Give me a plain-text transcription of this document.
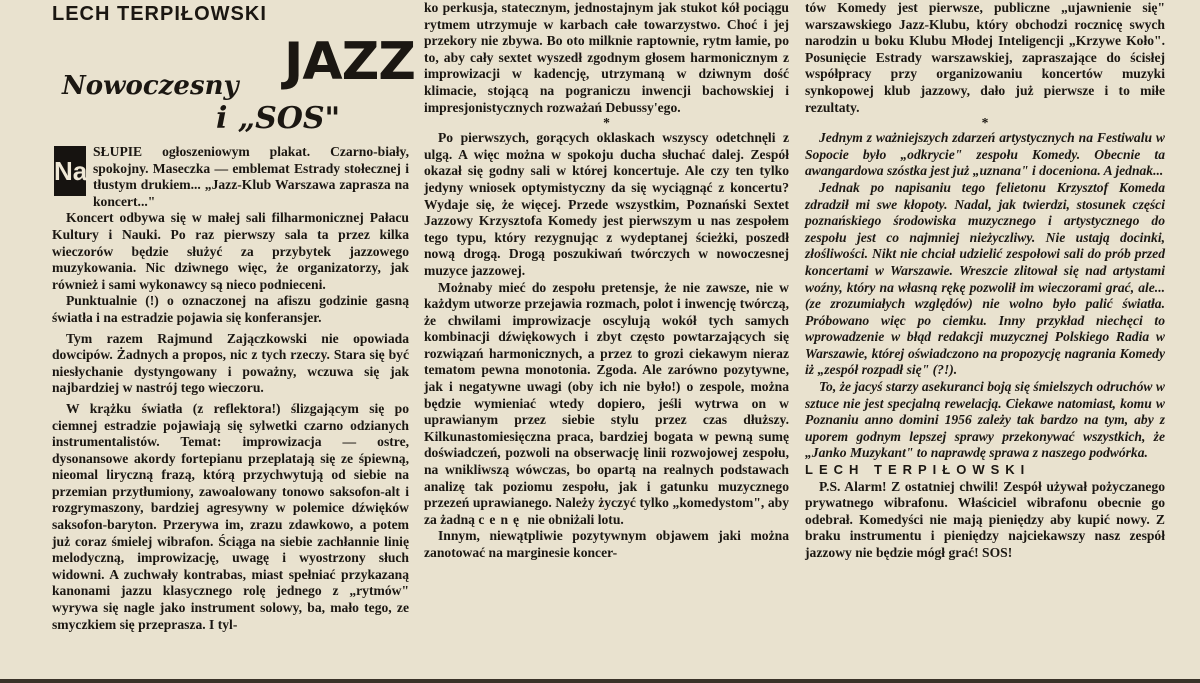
LECH TERPIŁOWSKI
Nowoczesny JAZZ
i „SOS"
Na

SŁUPIE ogłoszeniowym plakat. Czarno-biały, spokojny. Maseczka — emblemat Estrady stołecznej i tłustym drukiem... „Jazz-Klub Warszawa zaprasza na koncert..."

Koncert odbywa się w małej sali filharmonicznej Pałacu Kultury i Nauki. Po raz pierwszy sala ta przez kilka wieczorów będzie służyć za przybytek jazzowego muzykowania. Nic dziwnego więc, że organizatorzy, jak również i sami wykonawcy są nieco podnieceni.

Punktualnie (!) o oznaczonej na afiszu godzinie gasną światła i na estradzie pojawia się konferansjer.

Tym razem Rajmund Zajączkowski nie opowiada dowcipów. Żadnych a propos, nic z tych rzeczy. Stara się być niesłychanie dystyngowany i poważny, wczuwa się jak najbardziej w nastrój tego wieczoru.

W krążku światła (z reflektora!) ślizgającym się po ciemnej estradzie pojawiają się sylwetki czarno odzianych instrumentalistów. Temat: improwizacja — ostre, dysonansowe akordy fortepianu przeplatają się ze śpiewną, nieomal liryczną frazą, którą przychwytują od siebie na przemian przytłumiony, zawoalowany tonowo saksofon-alt i rozgrymaszony, bardziej agresywny w polemice dźwięków saksofon-baryton. Przerywa im, zrazu zdawkowo, a potem już coraz śmielej wibrafon. Ściąga na siebie zachłannie linię melodyczną, improwizację, uwagę i wyostrzony słuch widowni. A zuchwały kontrabas, miast spełniać przykazaną kanonami jazzu klasycznego rolę jednego z „rytmów" wyrywa się nagle jako instrument solowy, ba, mało tego, ze smyczkiem się przeprasza. I tyl-

ko perkusja, statecznym, jednostajnym jak stukot kół pociągu rytmem utrzymuje w karbach całe towarzystwo. Choć i jej przekory nie zbywa. Bo oto milknie raptownie, rytm łamie, po to, aby cały sextet wyszedł zgodnym głosem harmonicznym z improwizacji w kadencję, utrzymaną w dziwnym dość klimacie, stojącą na pograniczu inwencji bachowskiej i impresjonistycznych rozważań Debussy'ego.

*

Po pierwszych, gorących oklaskach wszyscy odetchnęli z ulgą. A więc można w spokoju ducha słuchać dalej. Zespół okazał się godny sali w której koncertuje. Ale czy ten tylko jedyny wniosek optymistyczny da się wyciągnąć z koncertu? Wydaje się, że więcej. Przede wszystkim, Poznański Sextet Jazzowy Krzysztofa Komedy jest pierwszym u nas zespołem tego typu, który rezygnując z wydeptanej ścieżki, poszedł nową drogą. Drogą poszukiwań twórczych w nowoczesnej muzyce jazzowej.

Możnaby mieć do zespołu pretensje, że nie zawsze, nie w każdym utworze przejawia rozmach, polot i inwencję twórczą, że chwilami improwizacje oscylują wokół tych samych kombinacji dźwiękowych i zbyt często powtarzających się rozwiązań harmonicznych, a przez to grozi ciekawym nieraz tematom pewna monotonia. Zgoda. Ale zarówno pozytywne, jak i negatywne uwagi (oby ich nie było!) o zespole, można będzie wymieniać wtedy dopiero, jeśli wytrwa on w uprawianym przez siebie stylu przez czas dłuższy. Kilkunastomiesięczna praca, bardziej bogata w pewną sumę doświadczeń, pozwoli na obserwację linii rozwojowej zespołu, na wnikliwszą wówczas, bo opartą na realnych podstawach analizę tak poziomu zespołu, jak i gatunku muzycznego przezeń uprawianego. Należy życzyć tylko „komedystom", aby za żadną cenę nie obniżali lotu.

Innym, niewątpliwie pozytywnym objawem jaki można zanotować na marginesie koncer-

tów Komedy jest pierwsze, publiczne „ujawnienie się" warszawskiego Jazz-Klubu, który obchodzi rocznicę swych narodzin u boku Klubu Młodej Inteligencji „Krzywe Koło". Posunięcie Estrady warszawskiej, zapraszające do ścisłej współpracy przy organizowaniu koncertów muzyki synkopowej klub jazzowy, dało już pierwsze i to miłe rezultaty.

*

Jednym z ważniejszych zdarzeń artystycznych na Festiwalu w Sopocie było „odkrycie" zespołu Komedy. Obecnie ta awangardowa szóstka jest już „uznana" i doceniona. A jednak...

Jednak po napisaniu tego felietonu Krzysztof Komeda zdradził mi swe kłopoty. Nadal, jak twierdzi, stosunek części poznańskiego środowiska muzycznego i artystycznego do zespołu jest co najmniej nieżyczliwy. Nie ustają docinki, złośliwości. Nikt nie chciał udzielić zespołowi sali do prób przed koncertami w Warszawie. Wreszcie zlitował się nad artystami woźny, który na własną rękę pozwolił im wieczorami grać, ale... (ze zrozumiałych względów) nie wolno było palić światła. Próbowano więc po ciemku. Inny przykład niechęci to wprowadzenie w błąd redakcji muzycznej Polskiego Radia w Warszawie, której oświadczono na propozycję nagrania Komedy iż „zespół rozpadł się" (?!).

To, że jacyś starzy asekuranci boją się śmielszych odruchów w sztuce nie jest specjalną rewelacją. Ciekawe natomiast, komu w Poznaniu anno domini 1956 zależy tak bardzo na tym, aby z uporem godnym lepszej sprawy przekonywać wszystkich, że „Janko Muzykant" to naprawdę sprawa z naszego podwórka.

LECH TERPIŁOWSKI

P.S. Alarm! Z ostatniej chwili! Zespół używał pożyczanego prywatnego wibrafonu. Właściciel wibrafonu obecnie go odebrał. Komedyści nie mają pieniędzy aby kupić nowy. Z braku instrumentu i pieniędzy najciekawszy nasz zespół jazzowy nie będzie mógł grać! SOS!
